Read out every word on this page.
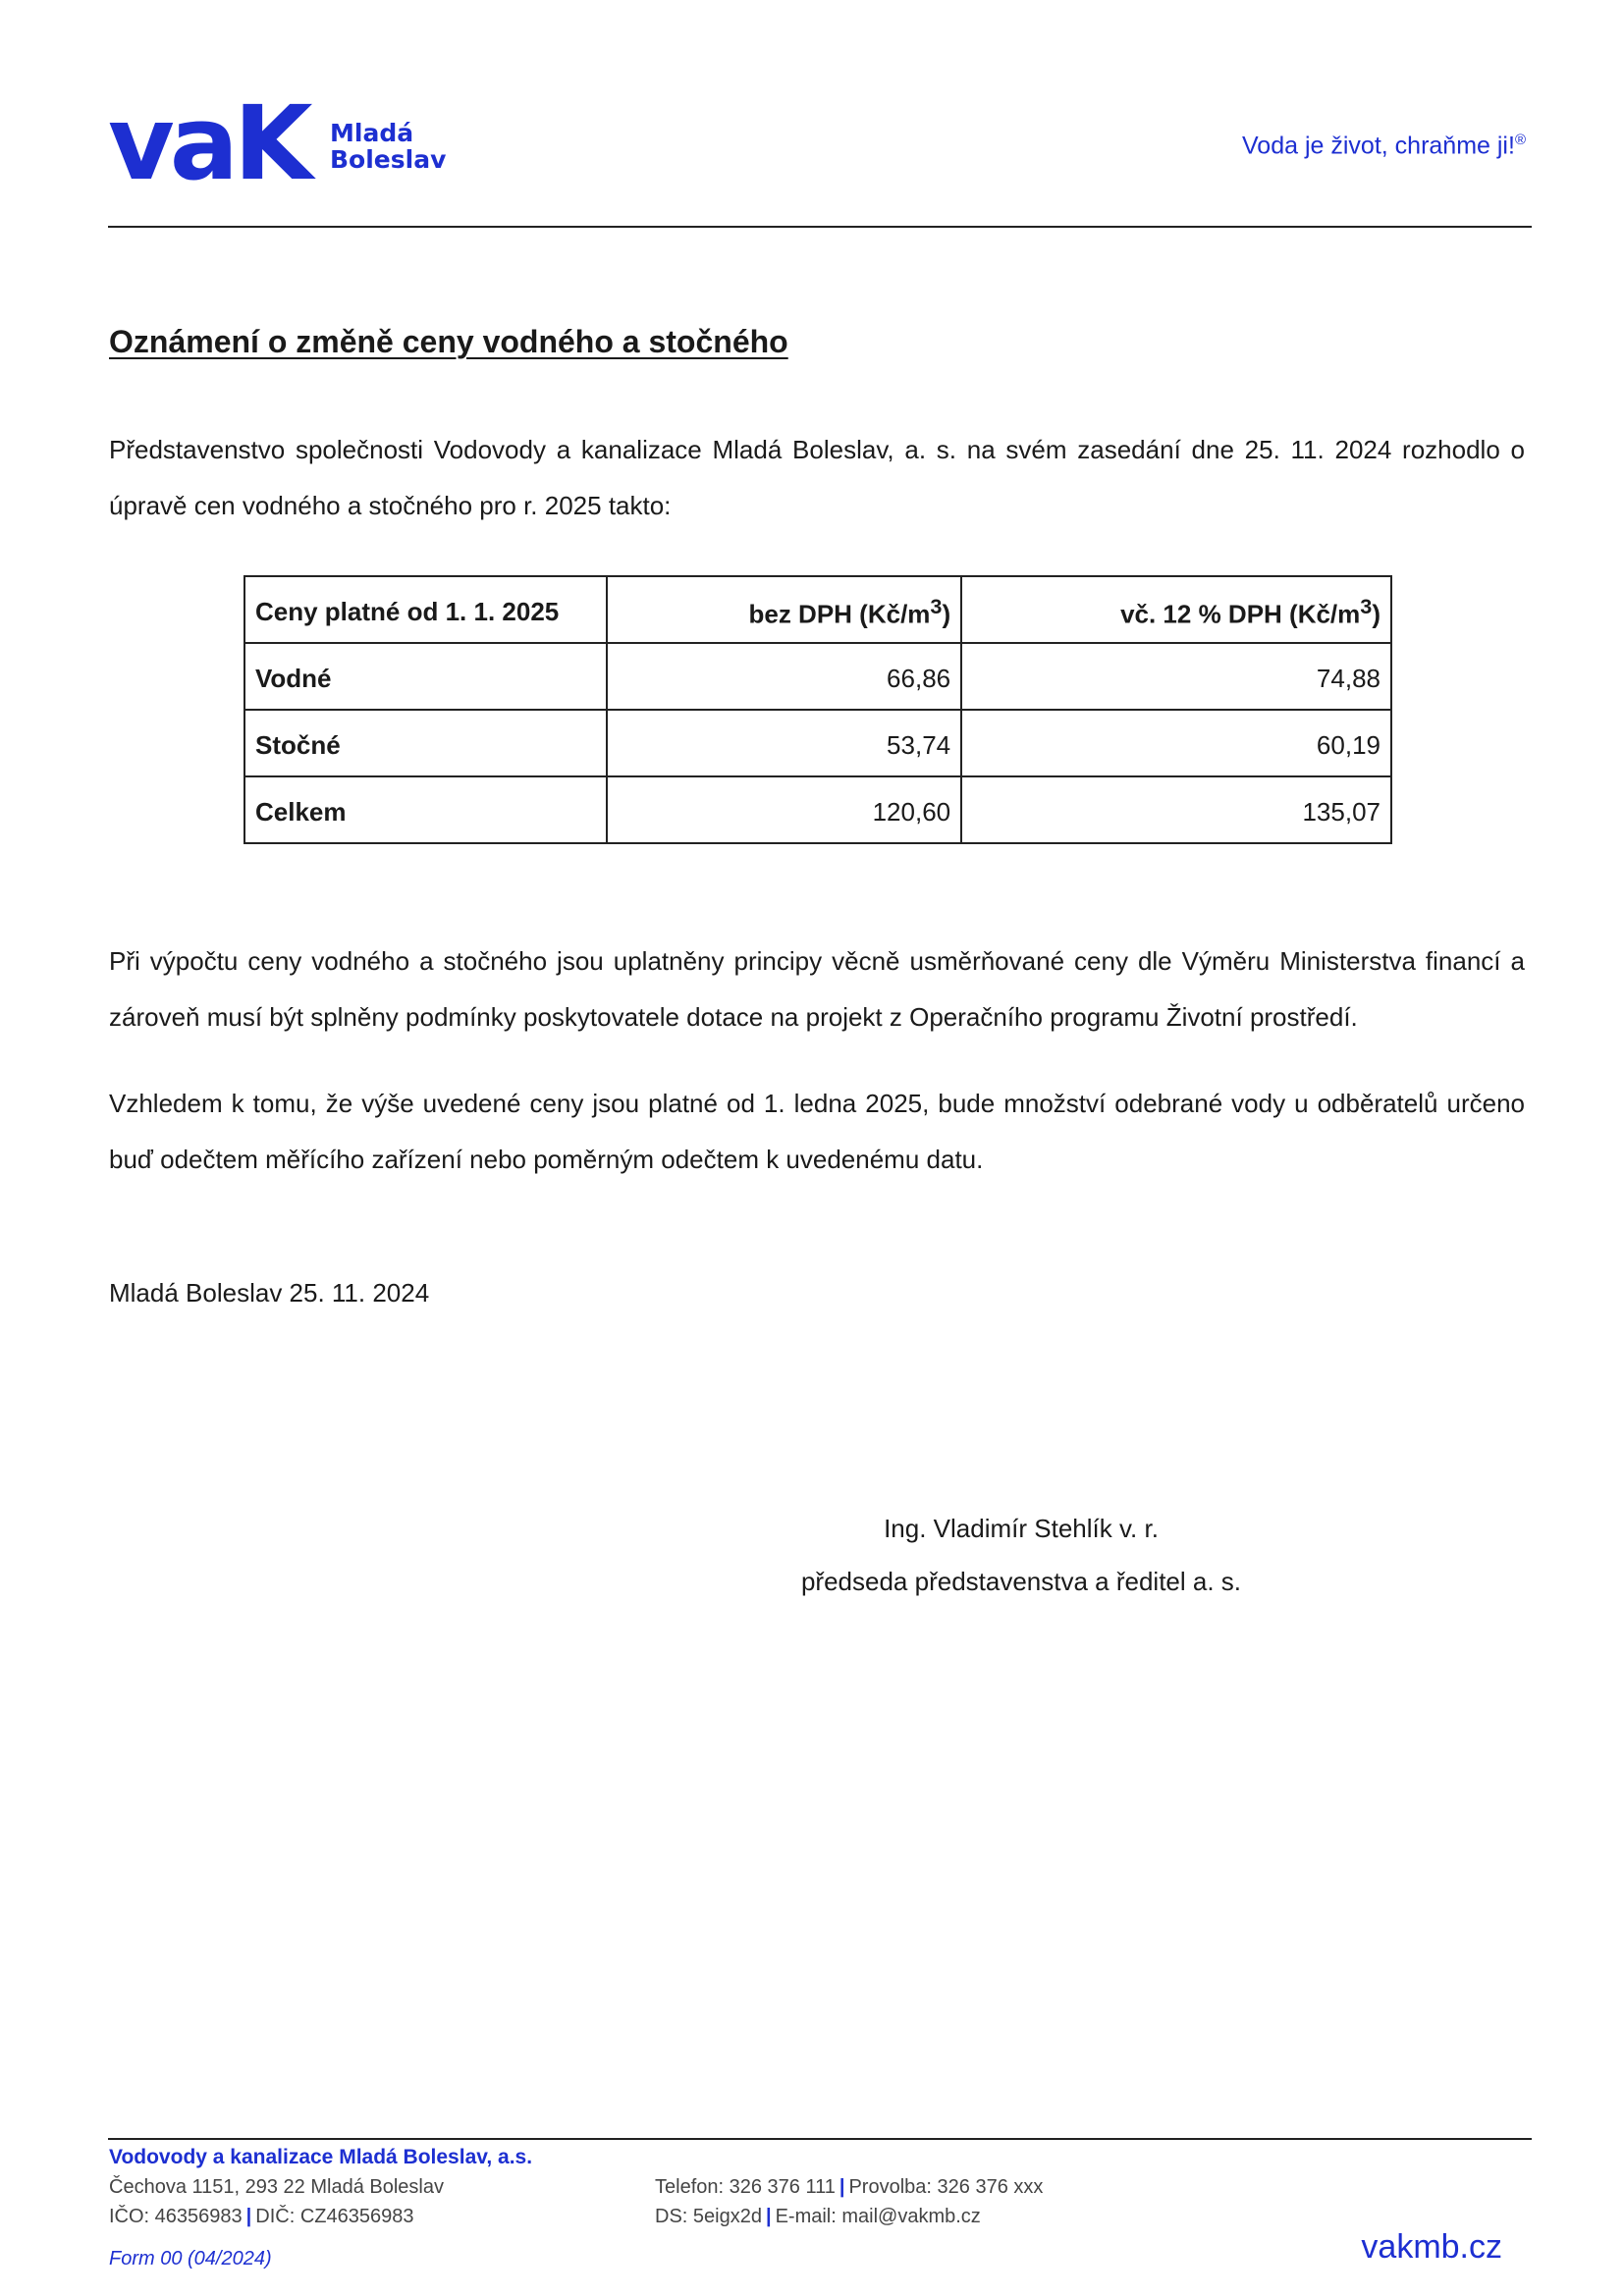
vaK Mladá
Boleslav	Voda je život, chraňme ji!®
Oznámení o změně ceny vodného a stočného
Představenstvo společnosti Vodovody a kanalizace Mladá Boleslav, a. s. na svém zasedání dne 25. 11. 2024 rozhodlo o úpravě cen vodného a stočného pro r. 2025 takto:
Ceny platné od 1. 1. 2025	bez DPH $(Kč/m^3)$	vč. 12 % DPH $(Kč/m^3)$
Vodné	66,86	74,88
Stočné	53,74	60,19
Celkem	120,60	135,07
Při výpočtu ceny vodného a stočného jsou uplatněny principy věcně usměrňované ceny dle Výměru Ministerstva financí a zároveň musí být splněny podmínky poskytovatele dotace na projekt z Operačního programu Životní prostředí.
Vzhledem k tomu, že výše uvedené ceny jsou platné od 1. ledna 2025, bude množství odebrané vody u odběratelů určeno buď odečtem měřícího zařízení nebo poměrným odečtem k uvedenému datu.
Mladá Boleslav 25. 11. 2024
Ing. Vladimír Stehlík v. r.
předseda představenstva a ředitel a. s.
Vodovody a kanalizace Mladá Boleslav, a.s.
Čechova 1151, 293 22 Mladá Boleslav
IČO: 46356983 | DIČ: CZ46356983
Telefon: 326 376 111 | Provolba: 326 376 xxx
DS: 5eigx2d | E-mail: mail@vakmb.cz
Form 00 (04/2024)	vakmb.cz
